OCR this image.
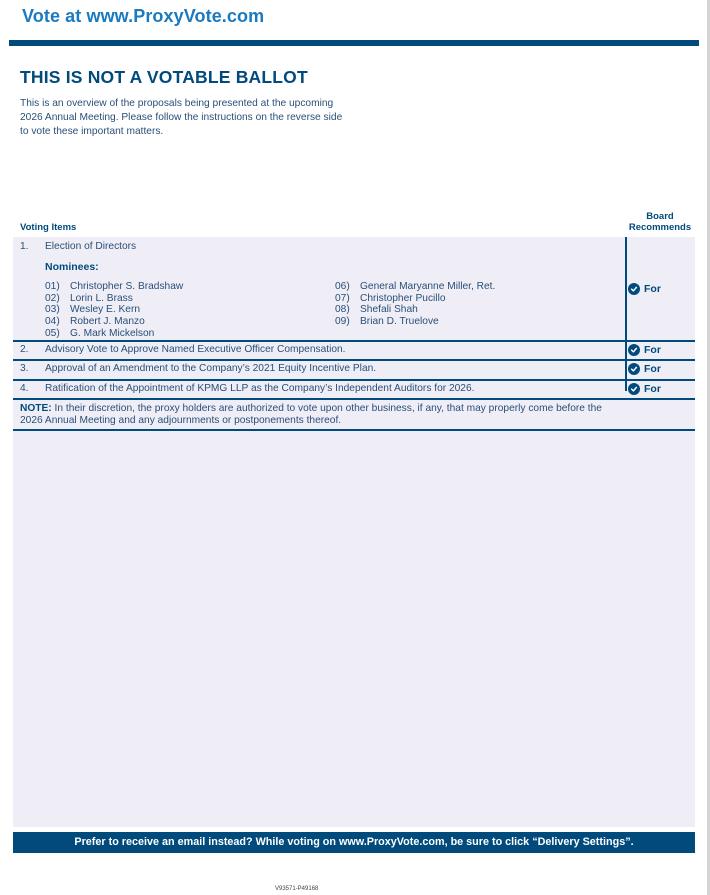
Vote at www.ProxyVote.com
THIS IS NOT A VOTABLE BALLOT
This is an overview of the proposals being presented at the upcoming 2026 Annual Meeting. Please follow the instructions on the reverse side to vote these important matters.
Voting Items
Board
Recommends
1. Election of Directors
Nominees:
01)	Christopher S. Bradshaw
02)	Lorin L. Brass
03)	Wesley E. Kern
04)	Robert J. Manzo
05)	G. Mark Mickelson
06)	General Maryanne Miller, Ret.
07)	Christopher Pucillo
08)	Shefali Shah
09)	Brian D. Truelove
For
2. Advisory Vote to Approve Named Executive Officer Compensation.	For
3. Approval of an Amendment to the Company’s 2021 Equity Incentive Plan.	For
4. Ratification of the Appointment of KPMG LLP as the Company’s Independent Auditors for 2026.	For
NOTE: In their discretion, the proxy holders are authorized to vote upon other business, if any, that may properly come before the 2026 Annual Meeting and any adjournments or postponements thereof.
Prefer to receive an email instead? While voting on www.ProxyVote.com, be sure to click “Delivery Settings”.
V93571-P49168
